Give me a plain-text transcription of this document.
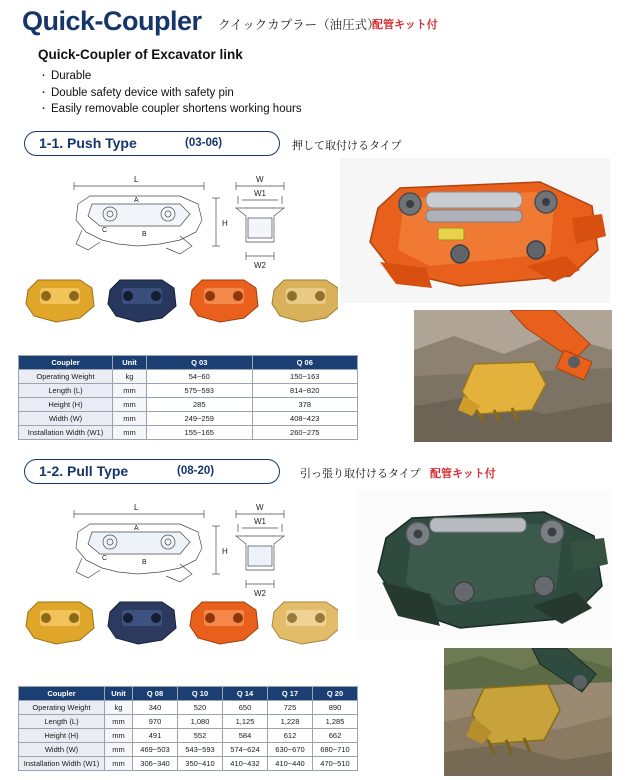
Quick-Coupler クイックカプラー（油圧式）
配管キット付
Quick-Coupler of Excavator link
· Durable
· Double safety device with safety pin
· Easily removable coupler shortens working hours
1-1. Push Type	(03-06)	押して取付けるタイプ
L	W
W1
W2
H
A
B
C
Coupler	Unit	Q 03	Q 06
Operating Weight	kg	54~60	150~163
Length (L)	mm	575~593	814~820
Height (H)	mm	285	378
Width (W)	mm	249~259	408~423
Installation Width (W1)	mm	155~165	260~275
1-2. Pull Type	(08-20)	引っ張り取付けるタイプ 配管キット付
L	W
W1
W2
H
A
B
C
Coupler	Unit	Q 08	Q 10	Q 14	Q 17	Q 20
Operating Weight	kg	340	520	650	725	890
Length (L)	mm	970	1,080	1,125	1,228	1,285
Height (H)	mm	491	552	584	612	662
Width (W)	mm	469~503	543~593	574~624	630~670	680~710
Installation Width (W1)	mm	306~340	350~410	410~432	410~440	470~510
